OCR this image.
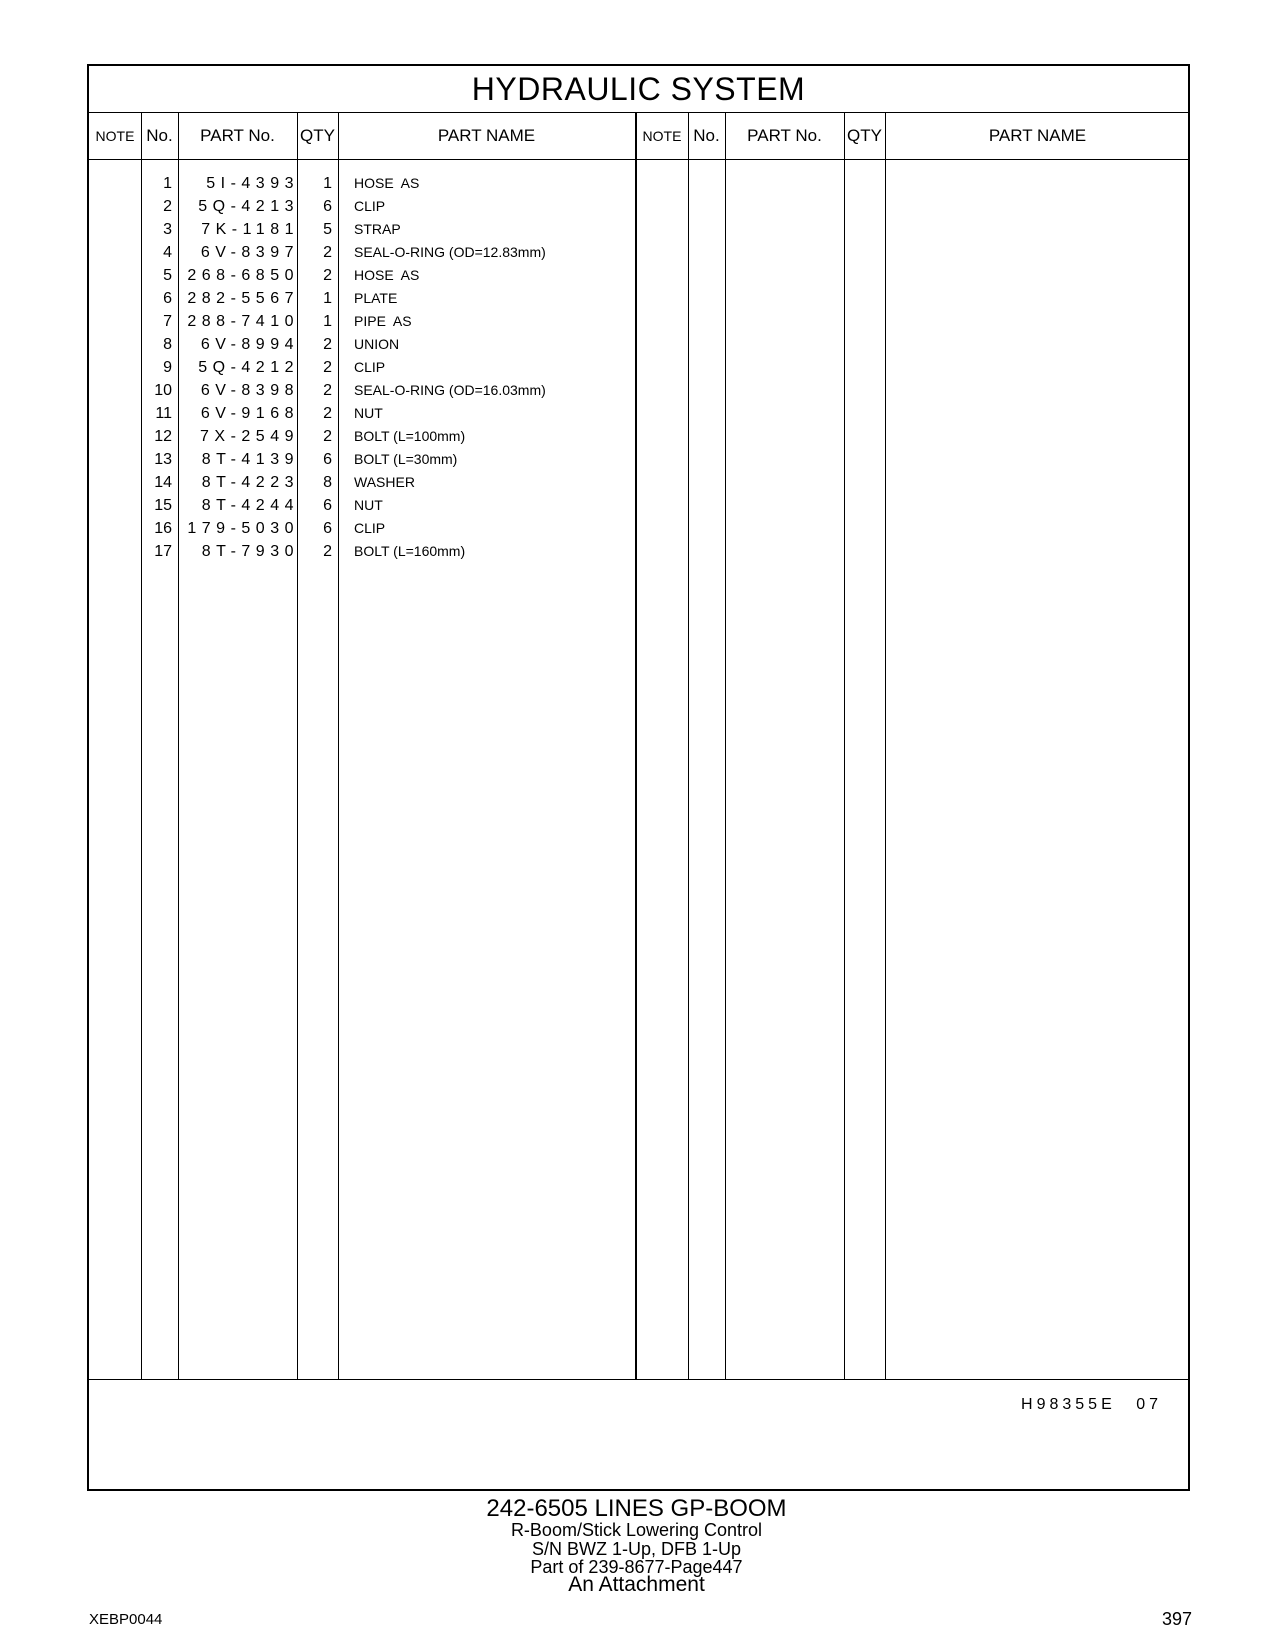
HYDRAULIC SYSTEM
NOTE No.	PART No.	QTY	PART NAME	NOTE No.	PART No.	QTY	PART NAME
1	5I-4393	1 HOSE  AS
2	5Q-4213	6 CLIP
3	7K-1181	5 STRAP
4	6V-8397	2 SEAL-O-RING (OD=12.83mm)
5 268-6850	2 HOSE  AS
6 282-5567	1 PLATE
7 288-7410	1 PIPE  AS
8	6V-8994	2 UNION
9	5Q-4212	2 CLIP
10	6V-8398	2 SEAL-O-RING (OD=16.03mm)
11	6V-9168	2 NUT
12	7X-2549	2 BOLT (L=100mm)
13	8T-4139	6 BOLT (L=30mm)
14	8T-4223	8 WASHER
15	8T-4244	6 NUT
16 179-5030	6 CLIP
17	8T-7930	2 BOLT (L=160mm)
H98355E 07
242-6505 LINES GP-BOOM
R-Boom/Stick Lowering Control
S/N BWZ 1-Up, DFB 1-Up
Part of 239-8677-Page447
An Attachment
XEBP0044	397
